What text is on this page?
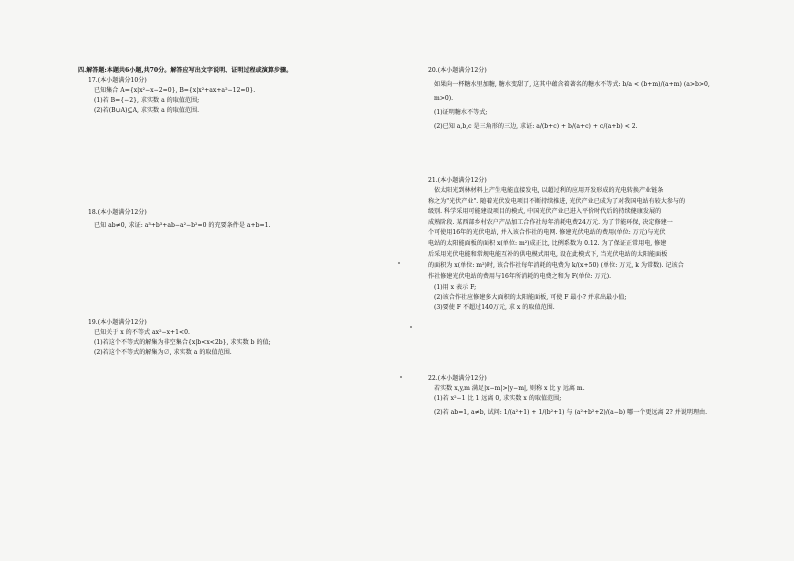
四.解答题:本题共6小题,共70分。解答应写出文字说明、证明过程或演算步骤。
17.(本小题满分10分)
已知集合 A={x|x²−x−2=0}, B={x|x²+ax+a²−12=0}.
(1)若 B={−2}, 求实数 a 的取值范围;
(2)若(B∪A)⊆A, 求实数 a 的取值范围.
18.(本小题满分12分)
已知 ab≠0, 求证: a³+b³+ab−a²−b²=0 的充要条件是 a+b=1.
19.(本小题满分12分)
已知关于 x 的不等式 ax²−x+1<0.
(1)若这个不等式的解集为非空集合{x|b<x<2b}, 求实数 b 的值;
(2)若这个不等式的解集为∅, 求实数 a 的取值范围.
20.(本小题满分12分)
如果向一杯糖水里加糖, 糖水变甜了, 这其中蕴含着著名的糖水不等式: b/a < (b+m)/(a+m) (a>b>0,
m>0).
(1)证明糖水不等式;
(2)已知 a,b,c 是三角形的三边, 求证: a/(b+c) + b/(a+c) + c/(a+b) < 2.
21.(本小题满分12分)
依太阳光到林材料上产生电能直接发电, 以超过利的应用开发形成的光电转换产业链条
称之为"光伏产业". 随着光伏发电项目不断持续推进, 光伏产业已成为了对我国电站有较大参与的
级别. 科学采用可能建设项目的模式, 中国光伏产业已进入平价时代后的持续健康发展的
成熟阶段. 某西部乡村农户产品加工合作社每年消耗电费24万元. 为了节能环保, 决定修建一
个可使用16年的光伏电站, 并入该合作社的电网. 修建光伏电站的费用(单位: 万元)与光伏
电站的太阳能面板的面积 x(单位: m²)成正比, 比例系数为 0.12. 为了保证正常用电, 修建
后采用光伏电能和常规电能互补的供电模式用电, 设在此模式下, 当光伏电站的太阳能面板
的面积为 x(单位: m²)时, 该合作社每年消耗的电费为 k/(x+50) (单位: 万元, k 为常数). 记该合
作社修建光伏电站的费用与16年所消耗的电费之和为 F(单位: 万元).
(1)用 x 表示 F;
(2)该合作社应修建多大面积的太阳能面板, 可使 F 最小? 并求出最小值;
(3)要使 F 不超过140万元, 求 x 的取值范围.
22.(本小题满分12分)
若实数 x,y,m 满足|x−m|>|y−m|, 则称 x 比 y 远离 m.
(1)若 x²−1 比 1 远离 0, 求实数 x 的取值范围;
(2)若 ab=1, a≠b, 试问: 1/(a²+1) + 1/(b²+1) 与 (a²+b²+2)/(a−b) 哪一个更远离 2? 并说明理由.
